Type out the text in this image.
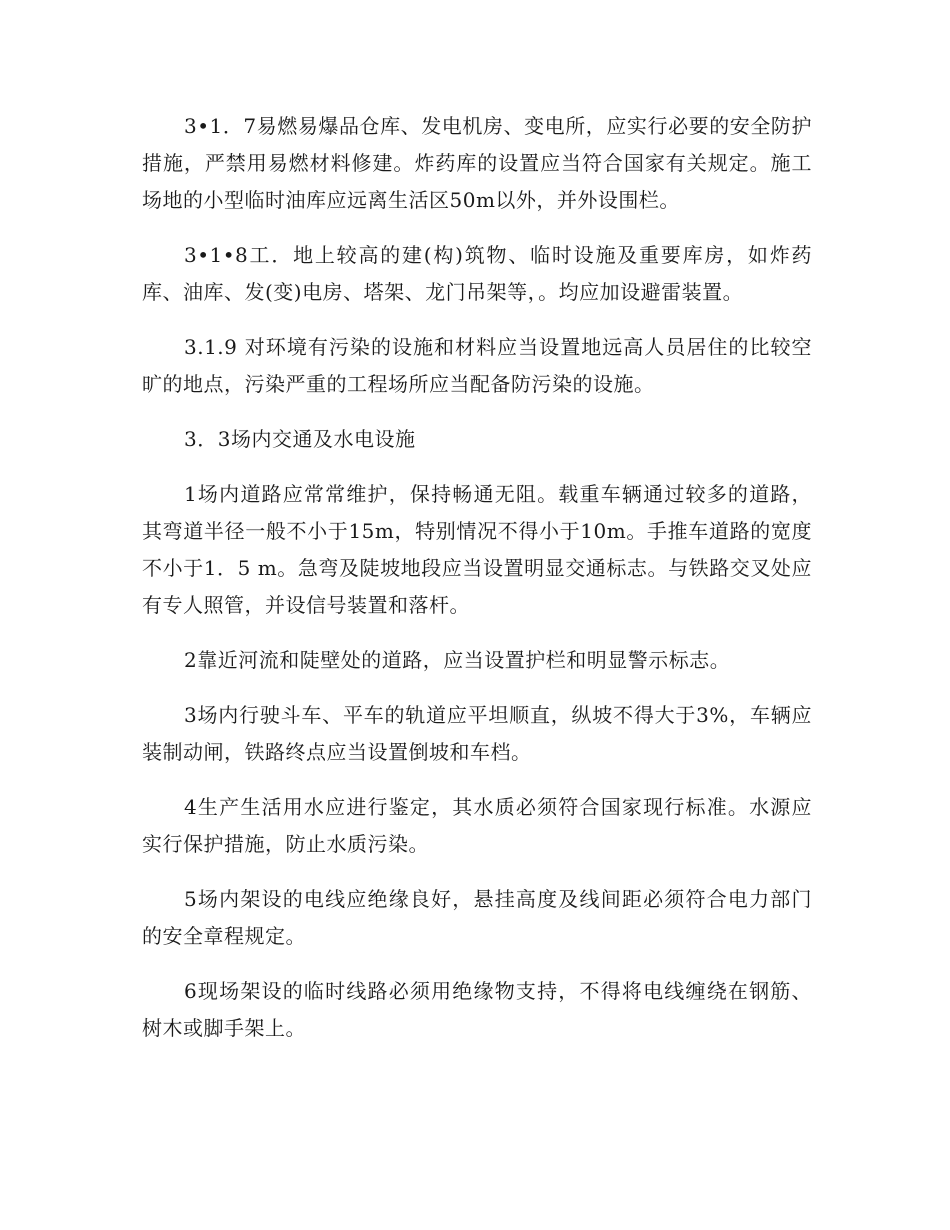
3•1．7易燃易爆品仓库、发电机房、变电所，应实行必要的安全防护措施，严禁用易燃材料修建。炸药库的设置应当符合国家有关规定。施工场地的小型临时油库应远离生活区50m以外，并外设围栏。

3•1•8工．地上较高的建(构)筑物、临时设施及重要库房，如炸药库、油库、发(变)电房、塔架、龙门吊架等，。均应加设避雷装置。

3.1.9 对环境有污染的设施和材料应当设置地远高人员居住的比较空旷的地点，污染严重的工程场所应当配备防污染的设施。

3．3场内交通及水电设施

1场内道路应常常维护，保持畅通无阻。载重车辆通过较多的道路，其弯道半径一般不小于15m，特别情况不得小于10m。手推车道路的宽度不小于1．5 m。急弯及陡坡地段应当设置明显交通标志。与铁路交叉处应有专人照管，并设信号装置和落杆。

2靠近河流和陡壁处的道路，应当设置护栏和明显警示标志。

3场内行驶斗车、平车的轨道应平坦顺直，纵坡不得大于3%，车辆应装制动闸，铁路终点应当设置倒坡和车档。

4生产生活用水应进行鉴定，其水质必须符合国家现行标准。水源应实行保护措施，防止水质污染。

5场内架设的电线应绝缘良好，悬挂高度及线间距必须符合电力部门的安全章程规定。

6现场架设的临时线路必须用绝缘物支持，不得将电线缠绕在钢筋、树木或脚手架上。
